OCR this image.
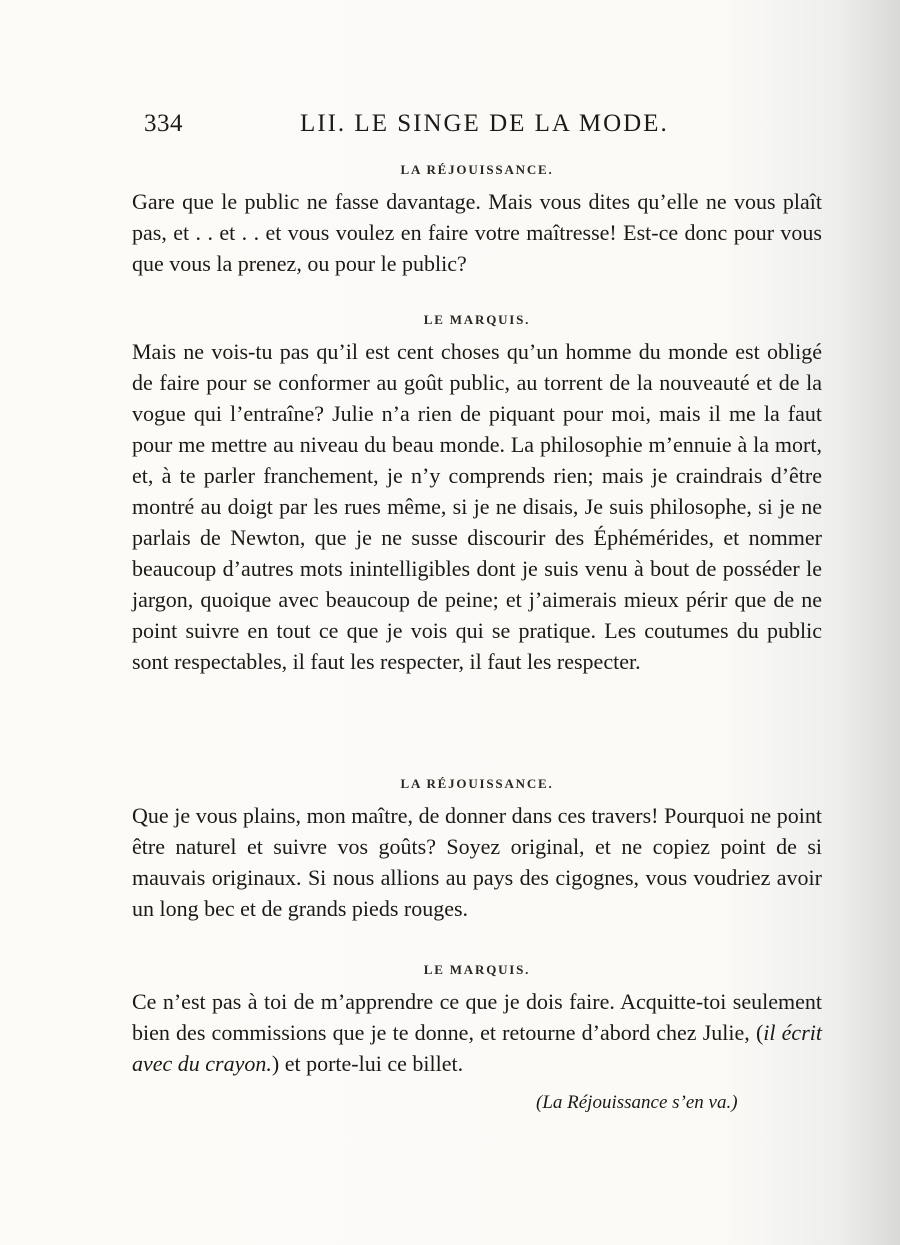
334	LII. LE SINGE DE LA MODE.
LA RÉJOUISSANCE.

Gare que le public ne fasse davantage. Mais vous dites qu’elle ne vous plaît pas, et . . et . . et vous voulez en faire votre maîtresse! Est-ce donc pour vous que vous la prenez, ou pour le public?

LE MARQUIS.

Mais ne vois-tu pas qu’il est cent choses qu’un homme du monde est obligé de faire pour se conformer au goût public, au torrent de la nouveauté et de la vogue qui l’entraîne? Julie n’a rien de piquant pour moi, mais il me la faut pour me mettre au niveau du beau monde. La philosophie m’ennuie à la mort, et, à te parler franchement, je n’y comprends rien; mais je craindrais d’être montré au doigt par les rues même, si je ne disais, Je suis philosophe, si je ne parlais de Newton, que je ne susse discourir des Éphémérides, et nommer beaucoup d’autres mots inintelligibles dont je suis venu à bout de posséder le jargon, quoique avec beaucoup de peine; et j’aimerais mieux périr que de ne point suivre en tout ce que je vois qui se pratique. Les coutumes du public sont respectables, il faut les respecter, il faut les respecter.

LA RÉJOUISSANCE.

Que je vous plains, mon maître, de donner dans ces travers! Pourquoi ne point être naturel et suivre vos goûts? Soyez original, et ne copiez point de si mauvais originaux. Si nous allions au pays des cigognes, vous voudriez avoir un long bec et de grands pieds rouges.

LE MARQUIS.

Ce n’est pas à toi de m’apprendre ce que je dois faire. Acquitte-toi seulement bien des commissions que je te donne, et retourne d’abord chez Julie, (il écrit avec du crayon.) et porte-lui ce billet.

(La Réjouissance s’en va.)
